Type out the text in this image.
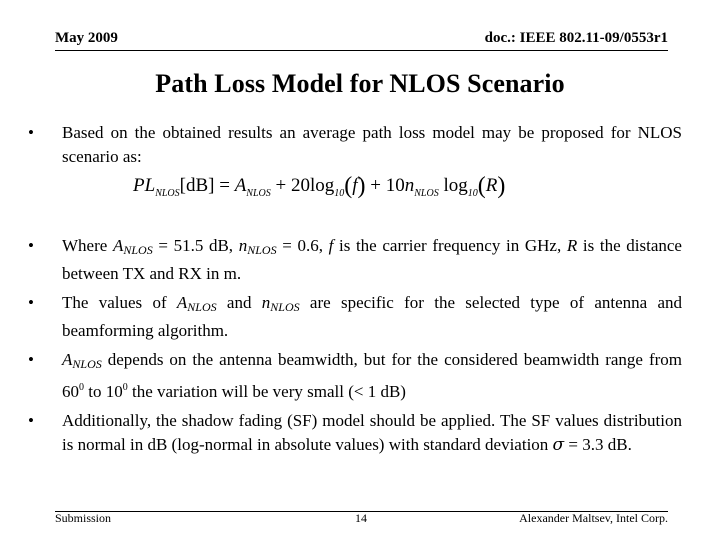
May 2009	doc.: IEEE 802.11-09/0553r1
Path Loss Model for NLOS Scenario
• Based on the obtained results an average path loss model may be proposed for NLOS scenario as:
$PL_{NLOS}[dB] = A_{NLOS} + 20\log_{10}(f) + 10n_{NLOS}$ $\log_{10}(R)$
• Where $A_{NLOS} = 51.5$ dB, $n_{NLOS} = 0.6$, f is the carrier frequency in GHz, R is the distance between TX and RX in m.
• The values of $A_{NLOS}$ and $n_{NLOS}$ are specific for the selected type of antenna and beamforming algorithm.
• $A_{NLOS}$ depends on the antenna beamwidth, but for the considered beamwidth range from $60^0$ to $10^0$ the variation will be very small (< 1 dB)
• Additionally, the shadow fading (SF) model should be applied. The SF values distribution is normal in dB (log-normal in absolute values) with standard deviation σ = 3.3 dB.
Submission	14	Alexander Maltsev, Intel Corp.
